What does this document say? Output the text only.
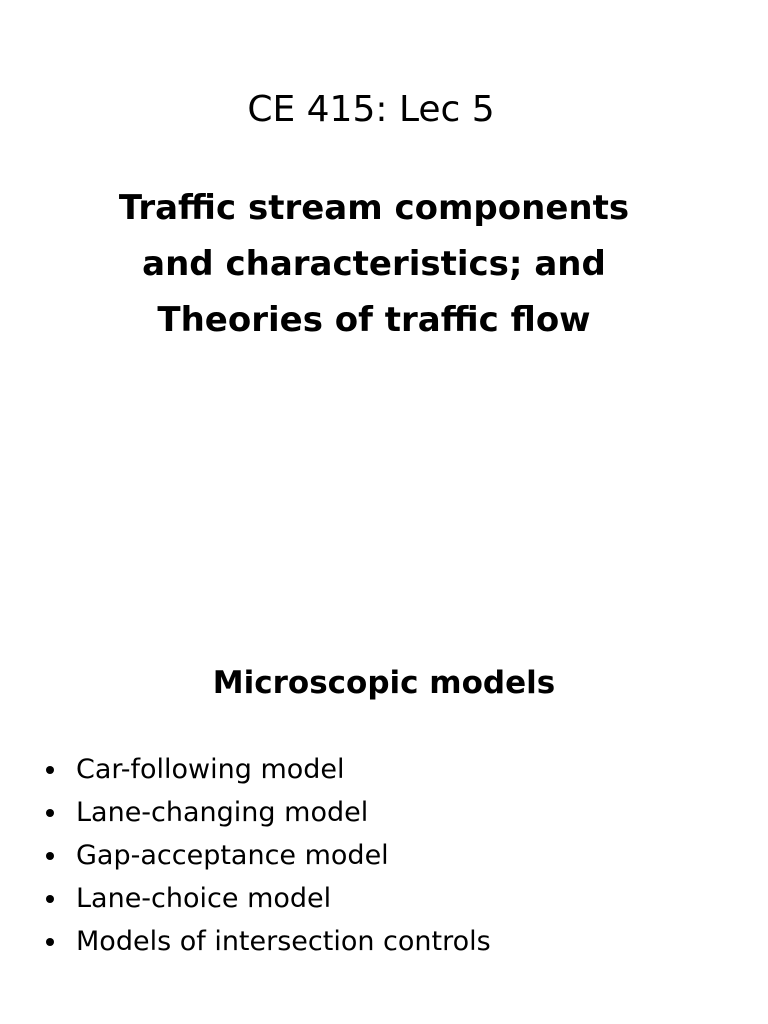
CE 415: Lec 5
Traffic stream components
and characteristics; and
Theories of traffic flow
Microscopic models
Car-following model
Lane-changing model
Gap-acceptance model
Lane-choice model
Models of intersection controls
